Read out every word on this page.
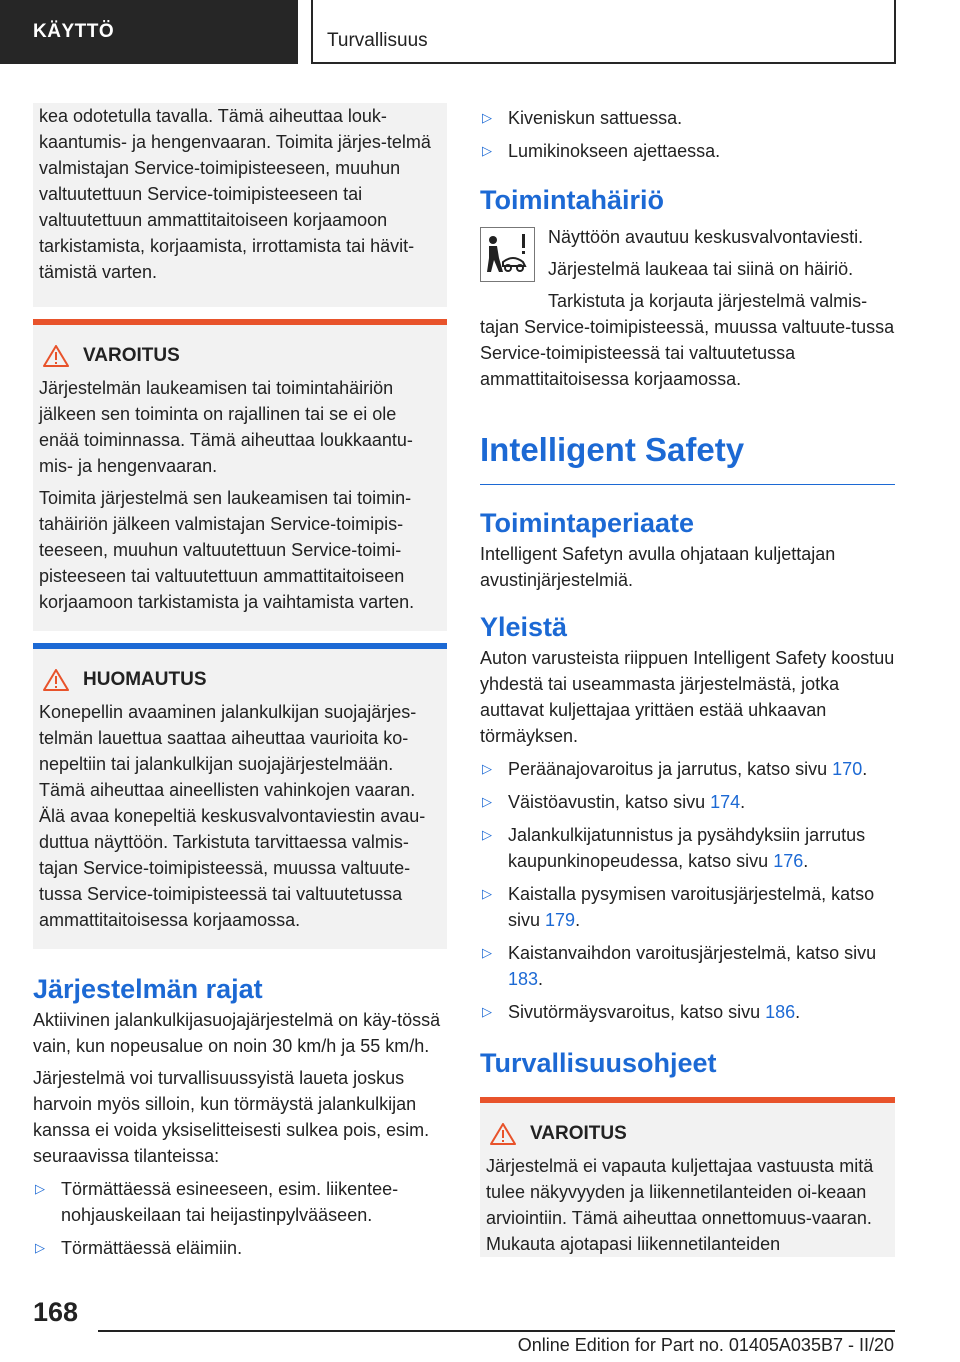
KÄYTTÖ	Turvallisuus
kea odotetulla tavalla. Tämä aiheuttaa louk-kaantumis- ja hengenvaaran. Toimita järjes-telmä valmistajan Service-toimipisteeseen, muuhun valtuutettuun Service-toimipisteeseen tai valtuutettuun ammattitaitoiseen korjaamoon tarkistamista, korjaamista, irrottamista tai hävit-tämistä varten.
VAROITUS
Järjestelmän laukeamisen tai toimintahäiriön jälkeen sen toiminta on rajallinen tai se ei ole enää toiminnassa. Tämä aiheuttaa loukkaantu-mis- ja hengenvaaran.
Toimita järjestelmä sen laukeamisen tai toimin-tahäiriön jälkeen valmistajan Service-toimipis-teeseen, muuhun valtuutettuun Service-toimi-pisteeseen tai valtuutettuun ammattitaitoiseen korjaamoon tarkistamista ja vaihtamista varten.
HUOMAUTUS
Konepellin avaaminen jalankulkijan suojajärjes-telmän lauettua saattaa aiheuttaa vaurioita ko-nepeltiin tai jalankulkijan suojajärjestelmään. Tämä aiheuttaa aineellisten vahinkojen vaaran. Älä avaa konepeltiä keskusvalvontaviestin avau-duttua näyttöön. Tarkistuta tarvittaessa valmis-tajan Service-toimipisteessä, muussa valtuute-tussa Service-toimipisteessä tai valtuutetussa ammattitaitoisessa korjaamossa.
Järjestelmän rajat
Aktiivinen jalankulkijasuojajärjestelmä on käy-tössä vain, kun nopeusalue on noin 30 km/h ja 55 km/h.
Järjestelmä voi turvallisuussyistä laueta joskus harvoin myös silloin, kun törmäystä jalankulkijan kanssa ei voida yksiselitteisesti sulkea pois, esim. seuraavissa tilanteissa:
▷ Törmättäessä esineeseen, esim. liikentee-nohjauskeilaan tai heijastinpylvääseen.
▷ Törmättäessä eläimiin.
▷ Kiveniskun sattuessa.
▷ Lumikinokseen ajettaessa.
Toimintahäiriö
Näyttöön avautuu keskusvalvontaviesti.
Järjestelmä laukeaa tai siinä on häiriö.
Tarkistuta ja korjauta järjestelmä valmis-
tajan Service-toimipisteessä, muussa valtuute-tussa Service-toimipisteessä tai valtuutetussa ammattitaitoisessa korjaamossa.
Intelligent Safety
Toimintaperiaate
Intelligent Safetyn avulla ohjataan kuljettajan avustinjärjestelmiä.
Yleistä
Auton varusteista riippuen Intelligent Safety koostuu yhdestä tai useammasta järjestelmästä, jotka auttavat kuljettajaa yrittäen estää uhkaavan törmäyksen.
▷ Peräänajovaroitus ja jarrutus, katso sivu 170.
▷ Väistöavustin, katso sivu 174.
▷ Jalankulkijatunnistus ja pysähdyksiin jarrutus kaupunkinopeudessa, katso sivu 176.
▷ Kaistalla pysymisen varoitusjärjestelmä, katso sivu 179.
▷ Kaistanvaihdon varoitusjärjestelmä, katso sivu 183.
▷ Sivutörmäysvaroitus, katso sivu 186.
Turvallisuusohjeet
VAROITUS
Järjestelmä ei vapauta kuljettajaa vastuusta mitä tulee näkyvyyden ja liikennetilanteiden oi-keaan arviointiin. Tämä aiheuttaa onnettomuus-vaaran. Mukauta ajotapasi liikennetilanteiden
168
Online Edition for Part no. 01405A035B7 - II/20
